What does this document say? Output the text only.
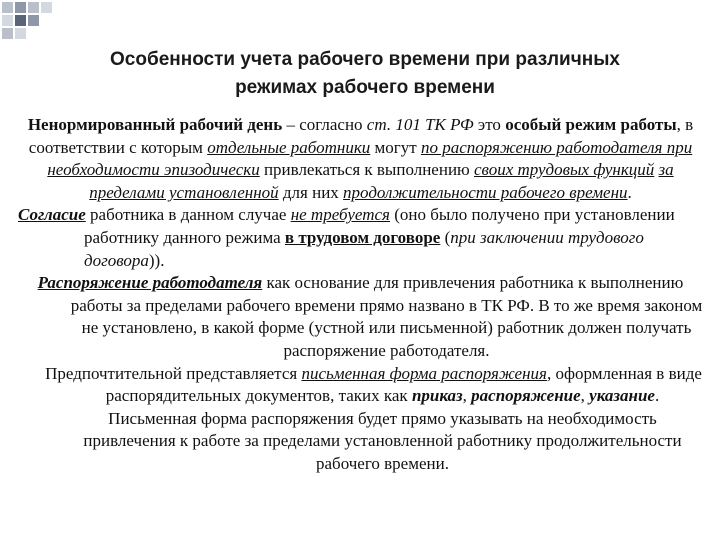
Особенности учета рабочего времени при различных
режимах рабочего времени

Ненормированный рабочий день – согласно ст. 101 ТК РФ это особый режим работы, в соответствии с которым отдельные работники могут по распоряжению работодателя при необходимости эпизодически привлекаться к выполнению своих трудовых функций за пределами установленной для них продолжительности рабочего времени.

Согласие работника в данном случае не требуется (оно было получено при установлении работнику данного режима в трудовом договоре (при заключении трудового договора)).

Распоряжение работодателя как основание для привлечения работника к выполнению работы за пределами рабочего времени прямо названо в ТК РФ. В то же время законом не установлено, в какой форме (устной или письменной) работник должен получать распоряжение работодателя.

Предпочтительной представляется письменная форма распоряжения, оформленная в виде распорядительных документов, таких как приказ, распоряжение, указание. Письменная форма распоряжения будет прямо указывать на необходимость привлечения к работе за пределами установленной работнику продолжительности рабочего времени.
